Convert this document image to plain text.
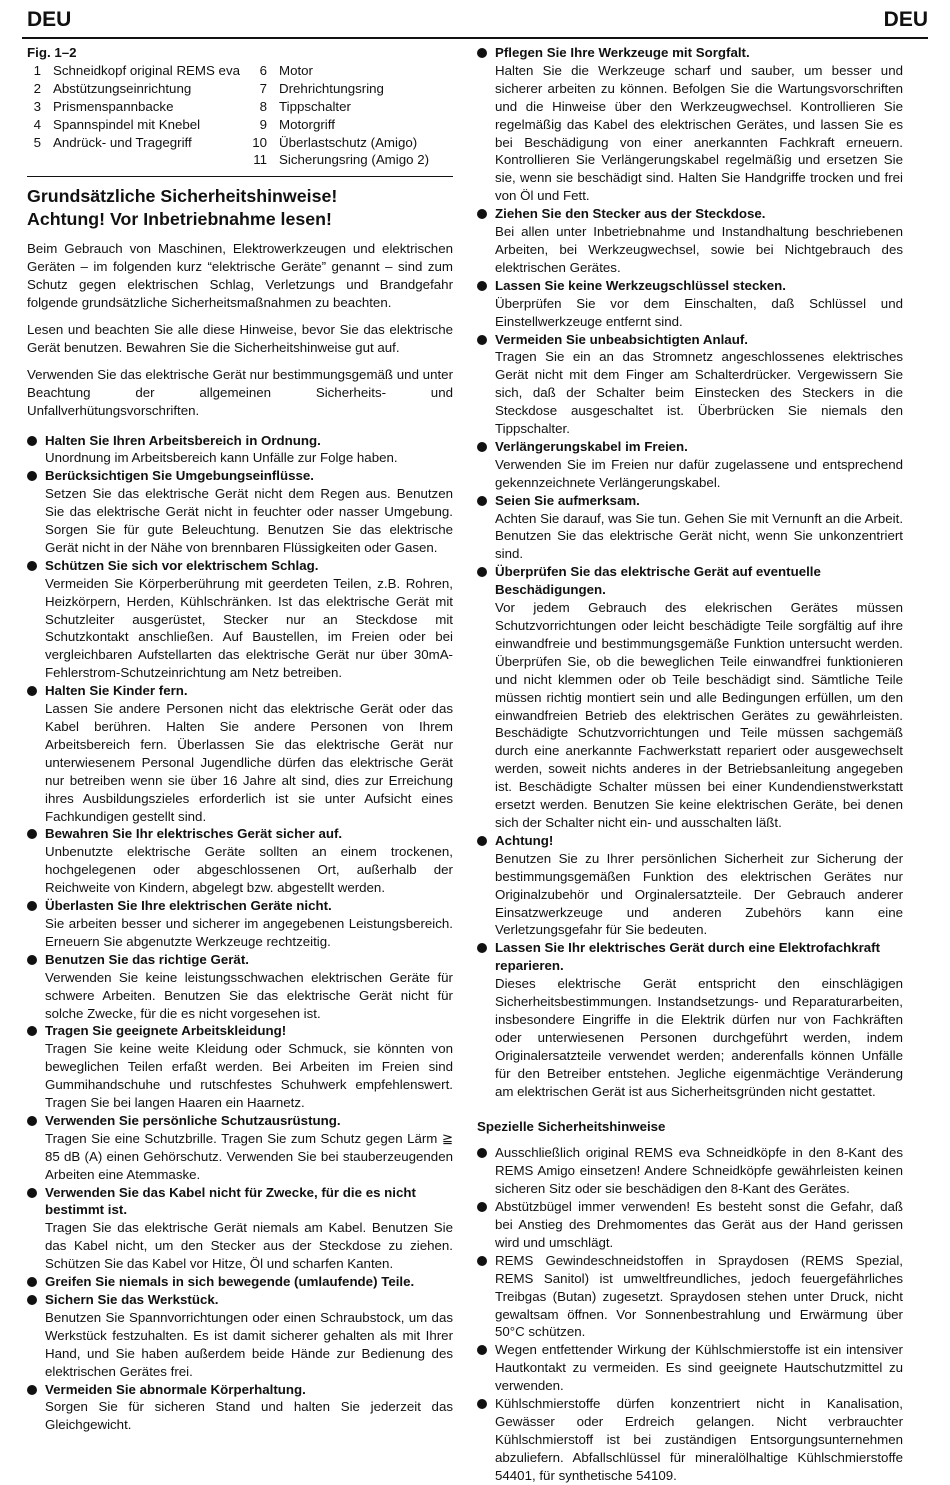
DEU	DEU
Fig. 1–2
1 Schneidkopf original REMS eva
2 Abstützungseinrichtung
3 Prismenspannbacke
4 Spannspindel mit Knebel
5 Andrück- und Tragegriff
6 Motor
7 Drehrichtungsring
8 Tippschalter
9 Motorgriff
10 Überlastschutz (Amigo)
11 Sicherungsring (Amigo 2)
Grundsätzliche Sicherheitshinweise!
Achtung! Vor Inbetriebnahme lesen!

Beim Gebrauch von Maschinen, Elektrowerkzeugen und elektrischen Geräten – im folgenden kurz “elektrische Geräte” genannt – sind zum Schutz gegen elektrischen Schlag, Verletzungs und Brandgefahr folgende grundsätzliche Sicherheitsmaßnahmen zu beachten.

Lesen und beachten Sie alle diese Hinweise, bevor Sie das elektrische Gerät benutzen. Bewahren Sie die Sicherheitshinweise gut auf.

Verwenden Sie das elektrische Gerät nur bestimmungsgemäß und unter Beachtung der allgemeinen Sicherheits- und Unfallverhütungsvorschriften.

Halten Sie Ihren Arbeitsbereich in Ordnung.
Unordnung im Arbeitsbereich kann Unfälle zur Folge haben.
Berücksichtigen Sie Umgebungseinflüsse.
Setzen Sie das elektrische Gerät nicht dem Regen aus. Benutzen Sie das elektrische Gerät nicht in feuchter oder nasser Umgebung. Sorgen Sie für gute Beleuchtung. Benutzen Sie das elektrische Gerät nicht in der Nähe von brennbaren Flüssigkeiten oder Gasen.
Schützen Sie sich vor elektrischem Schlag.
Vermeiden Sie Körperberührung mit geerdeten Teilen, z.B. Rohren, Heizkörpern, Herden, Kühlschränken. Ist das elektrische Gerät mit Schutzleiter ausgerüstet, Stecker nur an Steckdose mit Schutzkontakt anschließen. Auf Baustellen, im Freien oder bei vergleichbaren Aufstellarten das elektrische Gerät nur über 30mA-Fehlerstrom-Schutzeinrichtung am Netz betreiben.
Halten Sie Kinder fern.
Lassen Sie andere Personen nicht das elektrische Gerät oder das Kabel berühren. Halten Sie andere Personen von Ihrem Arbeitsbereich fern. Überlassen Sie das elektrische Gerät nur unterwiesenem Personal Jugendliche dürfen das elektrische Gerät nur betreiben wenn sie über 16 Jahre alt sind, dies zur Erreichung ihres Ausbildungszieles erforderlich ist sie unter Aufsicht eines Fachkundigen gestellt sind.
Bewahren Sie Ihr elektrisches Gerät sicher auf.
Unbenutzte elektrische Geräte sollten an einem trockenen, hochgelegenen oder abgeschlossenen Ort, außerhalb der Reichweite von Kindern, abgelegt bzw. abgestellt werden.
Überlasten Sie Ihre elektrischen Geräte nicht.
Sie arbeiten besser und sicherer im angegebenen Leistungsbereich. Erneuern Sie abgenutzte Werkzeuge rechtzeitig.
Benutzen Sie das richtige Gerät.
Verwenden Sie keine leistungsschwachen elektrischen Geräte für schwere Arbeiten. Benutzen Sie das elektrische Gerät nicht für solche Zwecke, für die es nicht vorgesehen ist.
Tragen Sie geeignete Arbeitskleidung!
Tragen Sie keine weite Kleidung oder Schmuck, sie könnten von beweglichen Teilen erfaßt werden. Bei Arbeiten im Freien sind Gummihandschuhe und rutschfestes Schuhwerk empfehlenswert. Tragen Sie bei langen Haaren ein Haarnetz.
Verwenden Sie persönliche Schutzausrüstung.
Tragen Sie eine Schutzbrille. Tragen Sie zum Schutz gegen Lärm ≧ 85 dB (A) einen Gehörschutz. Verwenden Sie bei stauberzeugenden Arbeiten eine Atemmaske.
Verwenden Sie das Kabel nicht für Zwecke, für die es nicht bestimmt ist.
Tragen Sie das elektrische Gerät niemals am Kabel. Benutzen Sie das Kabel nicht, um den Stecker aus der Steckdose zu ziehen. Schützen Sie das Kabel vor Hitze, Öl und scharfen Kanten.
Greifen Sie niemals in sich bewegende (umlaufende) Teile.
Sichern Sie das Werkstück.
Benutzen Sie Spannvorrichtungen oder einen Schraubstock, um das Werkstück festzuhalten. Es ist damit sicherer gehalten als mit Ihrer Hand, und Sie haben außerdem beide Hände zur Bedienung des elektrischen Gerätes frei.
Vermeiden Sie abnormale Körperhaltung.
Sorgen Sie für sicheren Stand und halten Sie jederzeit das Gleichgewicht.
Pflegen Sie Ihre Werkzeuge mit Sorgfalt.
Halten Sie die Werkzeuge scharf und sauber, um besser und sicherer arbeiten zu können. Befolgen Sie die Wartungsvorschriften und die Hinweise über den Werkzeugwechsel. Kontrollieren Sie regelmäßig das Kabel des elektrischen Gerätes, und lassen Sie es bei Beschädigung von einer anerkannten Fachkraft erneuern. Kontrollieren Sie Verlängerungskabel regelmäßig und ersetzen Sie sie, wenn sie beschädigt sind. Halten Sie Handgriffe trocken und frei von Öl und Fett.
Ziehen Sie den Stecker aus der Steckdose.
Bei allen unter Inbetriebnahme und Instandhaltung beschriebenen Arbeiten, bei Werkzeugwechsel, sowie bei Nichtgebrauch des elektrischen Gerätes.
Lassen Sie keine Werkzeugschlüssel stecken.
Überprüfen Sie vor dem Einschalten, daß Schlüssel und Einstellwerkzeuge entfernt sind.
Vermeiden Sie unbeabsichtigten Anlauf.
Tragen Sie ein an das Stromnetz angeschlossenes elektrisches Gerät nicht mit dem Finger am Schalterdrücker. Vergewissern Sie sich, daß der Schalter beim Einstecken des Steckers in die Steckdose ausgeschaltet ist. Überbrücken Sie niemals den Tippschalter.
Verlängerungskabel im Freien.
Verwenden Sie im Freien nur dafür zugelassene und entsprechend gekennzeichnete Verlängerungskabel.
Seien Sie aufmerksam.
Achten Sie darauf, was Sie tun. Gehen Sie mit Vernunft an die Arbeit. Benutzen Sie das elektrische Gerät nicht, wenn Sie unkonzentriert sind.
Überprüfen Sie das elektrische Gerät auf eventuelle Beschädigungen.
Vor jedem Gebrauch des elekrischen Gerätes müssen Schutzvorrichtungen oder leicht beschädigte Teile sorgfältig auf ihre einwandfreie und bestimmungsgemäße Funktion untersucht werden. Überprüfen Sie, ob die beweglichen Teile einwandfrei funktionieren und nicht klemmen oder ob Teile beschädigt sind. Sämtliche Teile müssen richtig montiert sein und alle Bedingungen erfüllen, um den einwandfreien Betrieb des elektrischen Gerätes zu gewährleisten. Beschädigte Schutzvorrichtungen und Teile müssen sachgemäß durch eine anerkannte Fachwerkstatt repariert oder ausgewechselt werden, soweit nichts anderes in der Betriebsanleitung angegeben ist. Beschädigte Schalter müssen bei einer Kundendienstwerkstatt ersetzt werden. Benutzen Sie keine elektrischen Geräte, bei denen sich der Schalter nicht ein- und ausschalten läßt.
Achtung!
Benutzen Sie zu Ihrer persönlichen Sicherheit zur Sicherung der bestimmungsgemäßen Funktion des elektrischen Gerätes nur Originalzubehör und Orginalersatzteile. Der Gebrauch anderer Einsatzwerkzeuge und anderen Zubehörs kann eine Verletzungsgefahr für Sie bedeuten.
Lassen Sie Ihr elektrisches Gerät durch eine Elektrofachkraft reparieren.
Dieses elektrische Gerät entspricht den einschlägigen Sicherheitsbestimmungen. Instandsetzungs- und Reparaturarbeiten, insbesondere Eingriffe in die Elektrik dürfen nur von Fachkräften oder unterwiesenen Personen durchgeführt werden, indem Originalersatzteile verwendet werden; anderenfalls können Unfälle für den Betreiber entstehen. Jegliche eigenmächtige Veränderung am elektrischen Gerät ist aus Sicherheitsgründen nicht gestattet.
Spezielle Sicherheitshinweise
Ausschließlich original REMS eva Schneidköpfe in den 8-Kant des REMS Amigo einsetzen! Andere Schneidköpfe gewährleisten keinen sicheren Sitz oder sie beschädigen den 8-Kant des Gerätes.
Abstützbügel immer verwenden! Es besteht sonst die Gefahr, daß bei Anstieg des Drehmomentes das Gerät aus der Hand gerissen wird und umschlägt.
REMS Gewindeschneidstoffen in Spraydosen (REMS Spezial, REMS Sanitol) ist umweltfreundliches, jedoch feuergefährliches Treibgas (Butan) zugesetzt. Spraydosen stehen unter Druck, nicht gewaltsam öffnen. Vor Sonnenbestrahlung und Erwärmung über 50°C schützen.
Wegen entfettender Wirkung der Kühlschmierstoffe ist ein intensiver Hautkontakt zu vermeiden. Es sind geeignete Hautschutzmittel zu verwenden.
Kühlschmierstoffe dürfen konzentriert nicht in Kanalisation, Gewässer oder Erdreich gelangen. Nicht verbrauchter Kühlschmierstoff ist bei zuständigen Entsorgungsunternehmen abzuliefern. Abfallschlüssel für mineralölhaltige Kühlschmierstoffe 54401, für synthetische 54109.
